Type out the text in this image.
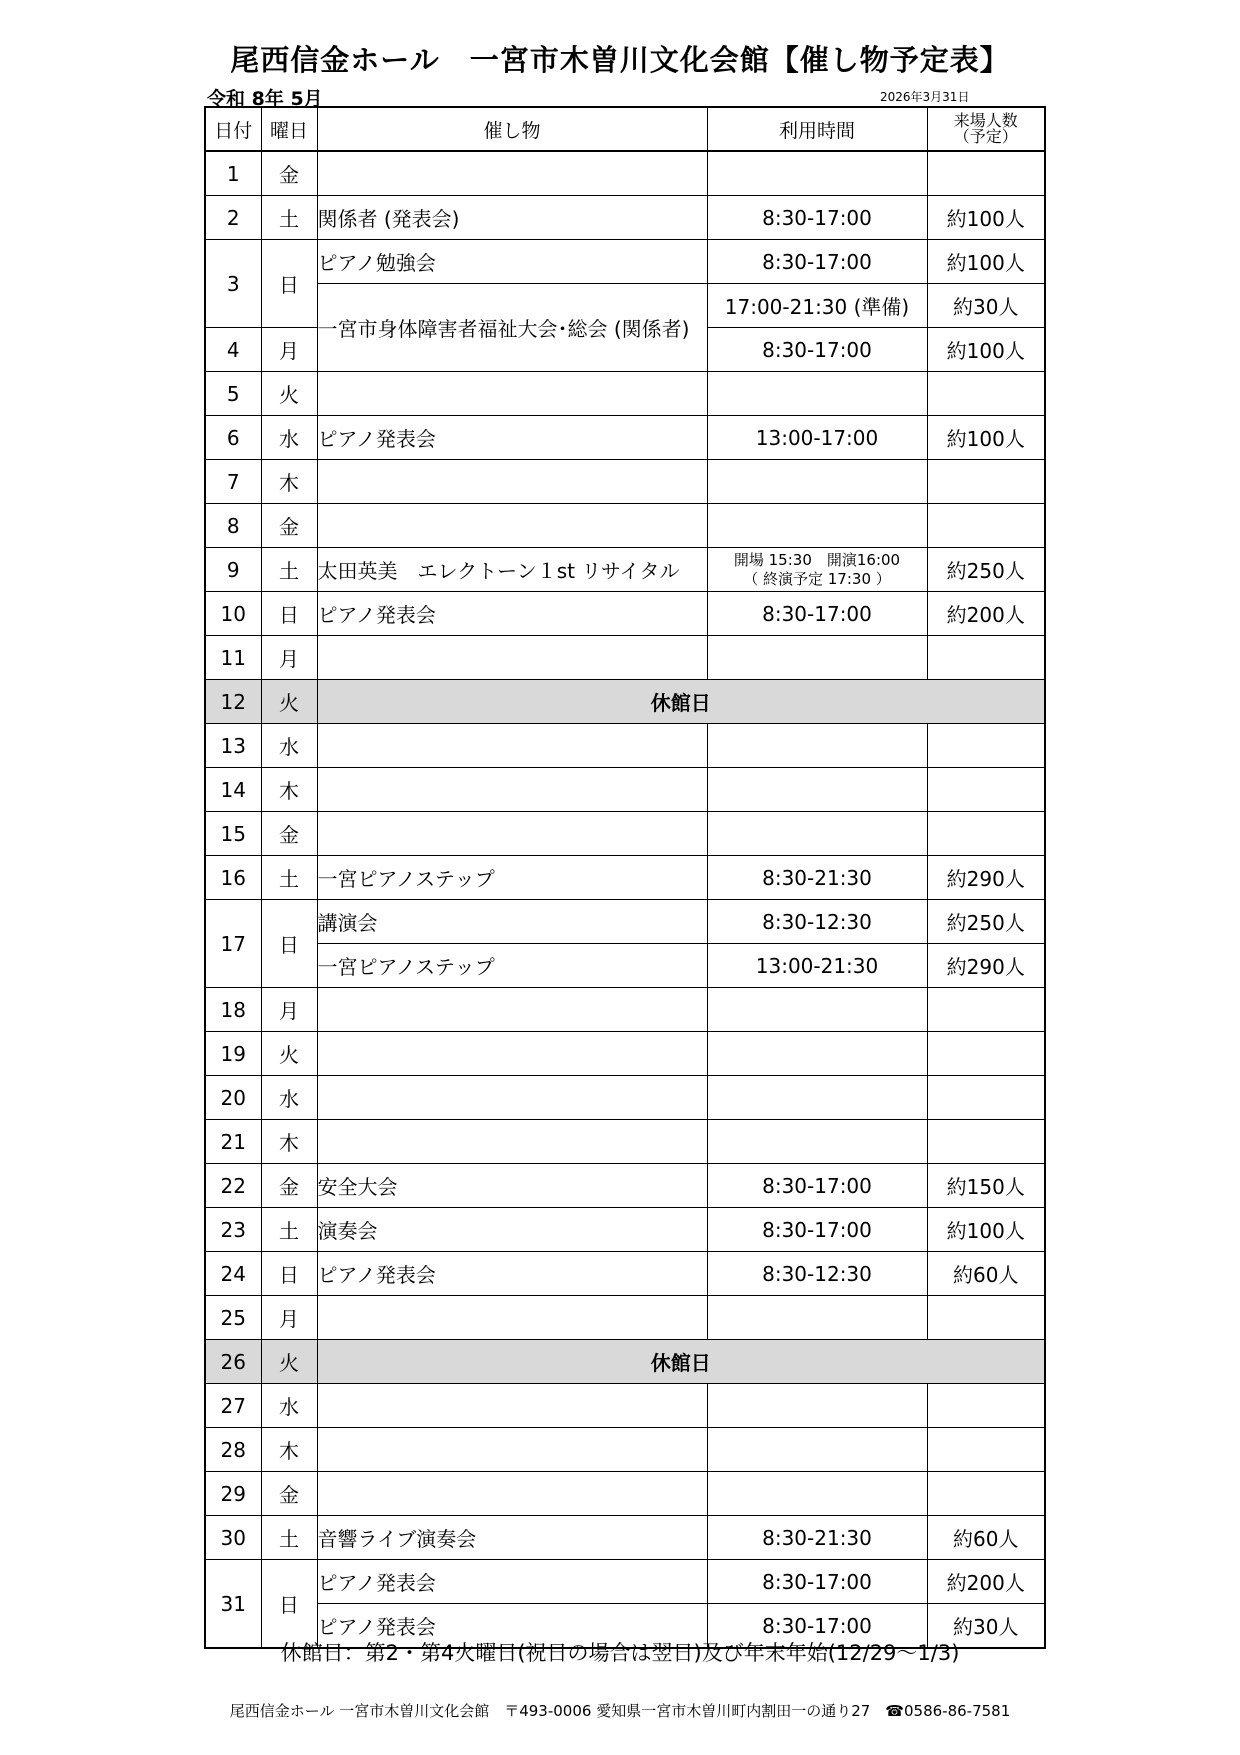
尾西信金ホール　一宮市木曽川文化会館【催し物予定表】
令和 8年 5月	2026年3月31日
日付	曜日	催し物	利用時間	来場人数
（予定）
1	金			
2	土	関係者 (発表会)	8:30-17:00	約100人
3	日	ピアノ勉強会	8:30-17:00	約100人
		一宮市身体障害者福祉大会･総会 (関係者)	17:00-21:30 (準備)	約30人
4	月		8:30-17:00	約100人
5	火			
6	水	ピアノ発表会	13:00-17:00	約100人
7	木			
8	金			
9	土	太田英美　エレクトーン１st リサイタル	開場 15:30　開演16:00
（ 終演予定 17:30 ）	約250人
10	日	ピアノ発表会	8:30-17:00	約200人
11	月			
12	火	休館日		
13	水			
14	木			
15	金			
16	土	一宮ピアノステップ	8:30-21:30	約290人
17	日	講演会	8:30-12:30	約250人
		一宮ピアノステップ	13:00-21:30	約290人
18	月			
19	火			
20	水			
21	木			
22	金	安全大会	8:30-17:00	約150人
23	土	演奏会	8:30-17:00	約100人
24	日	ピアノ発表会	8:30-12:30	約60人
25	月			
26	火	休館日		
27	水			
28	木			
29	金			
30	土	音響ライブ演奏会	8:30-21:30	約60人
31	日	ピアノ発表会	8:30-17:00	約200人
		ピアノ発表会	8:30-17:00	約30人
休館日：第2・第4火曜日(祝日の場合は翌日)及び年末年始(12/29～1/3)
尾西信金ホール 一宮市木曽川文化会館　〒493-0006 愛知県一宮市木曽川町内割田一の通り27　☎0586-86-7581
